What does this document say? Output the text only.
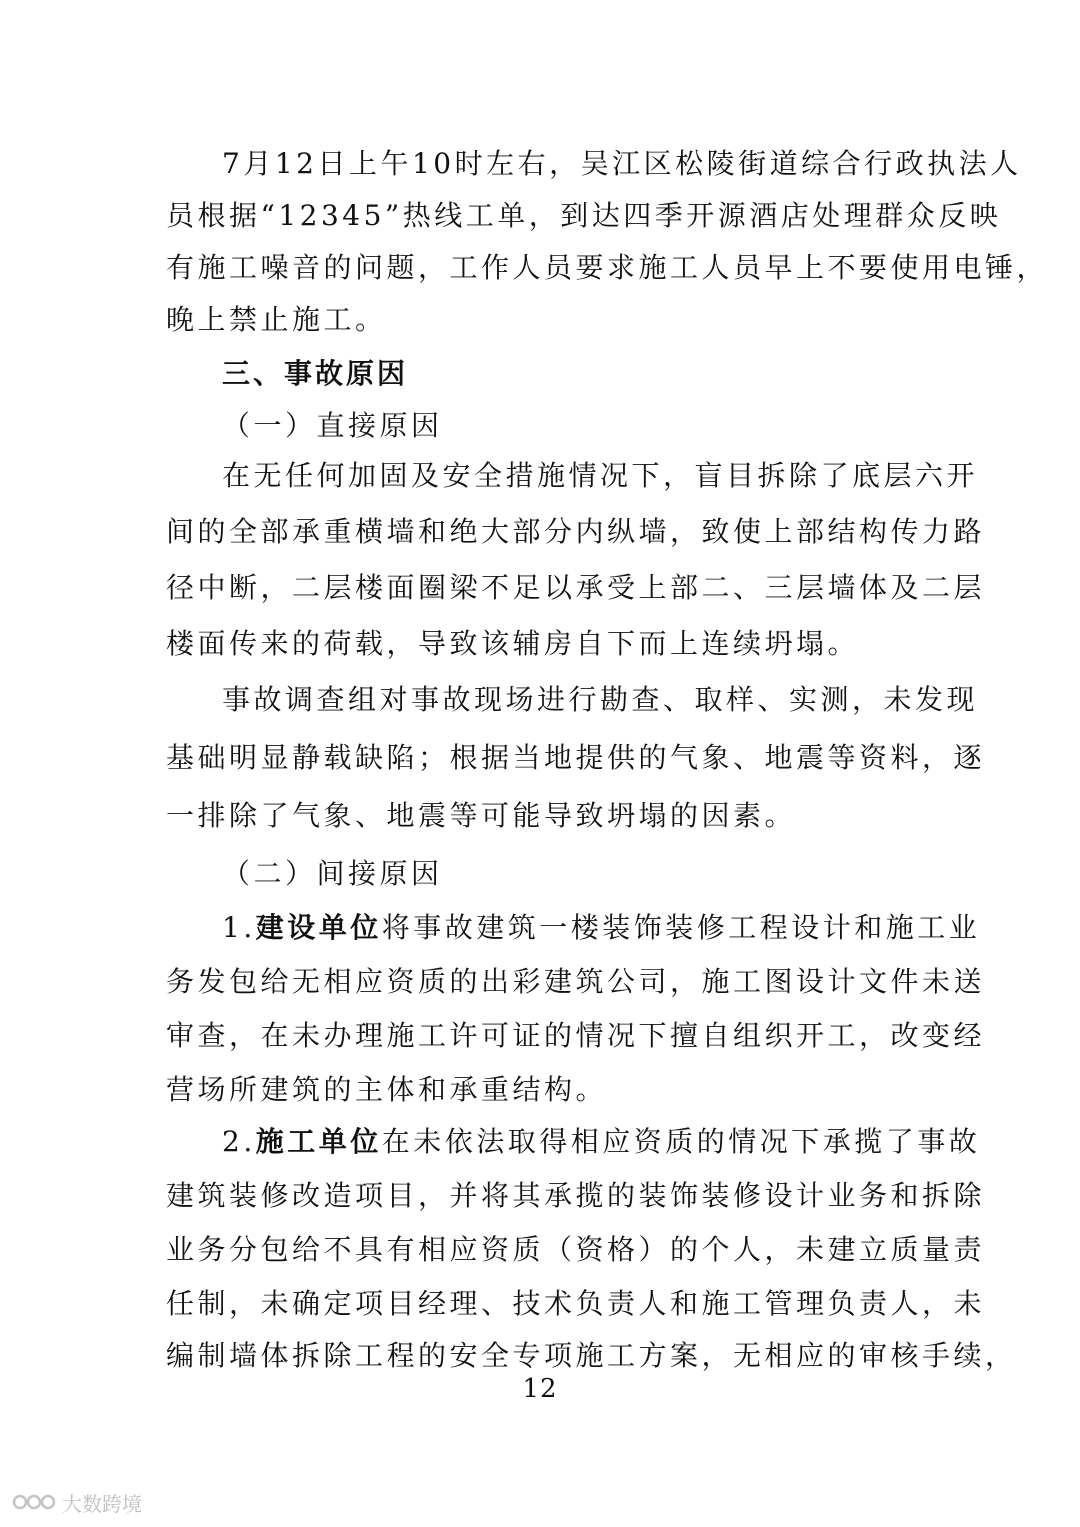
7月12日上午10时左右，吴江区松陵街道综合行政执法人
员根据“12345”热线工单，到达四季开源酒店处理群众反映
有施工噪音的问题，工作人员要求施工人员早上不要使用电锤，
晚上禁止施工。
三、事故原因
（一）直接原因
在无任何加固及安全措施情况下，盲目拆除了底层六开
间的全部承重横墙和绝大部分内纵墙，致使上部结构传力路
径中断，二层楼面圈梁不足以承受上部二、三层墙体及二层
楼面传来的荷载，导致该辅房自下而上连续坍塌。
事故调查组对事故现场进行勘查、取样、实测，未发现
基础明显静载缺陷；根据当地提供的气象、地震等资料，逐
一排除了气象、地震等可能导致坍塌的因素。
（二）间接原因
1.建设单位将事故建筑一楼装饰装修工程设计和施工业
务发包给无相应资质的出彩建筑公司，施工图设计文件未送
审查，在未办理施工许可证的情况下擅自组织开工，改变经
营场所建筑的主体和承重结构。
2.施工单位在未依法取得相应资质的情况下承揽了事故
建筑装修改造项目，并将其承揽的装饰装修设计业务和拆除
业务分包给不具有相应资质（资格）的个人，未建立质量责
任制，未确定项目经理、技术负责人和施工管理负责人，未
编制墙体拆除工程的安全专项施工方案，无相应的审核手续，
12
大数跨境
